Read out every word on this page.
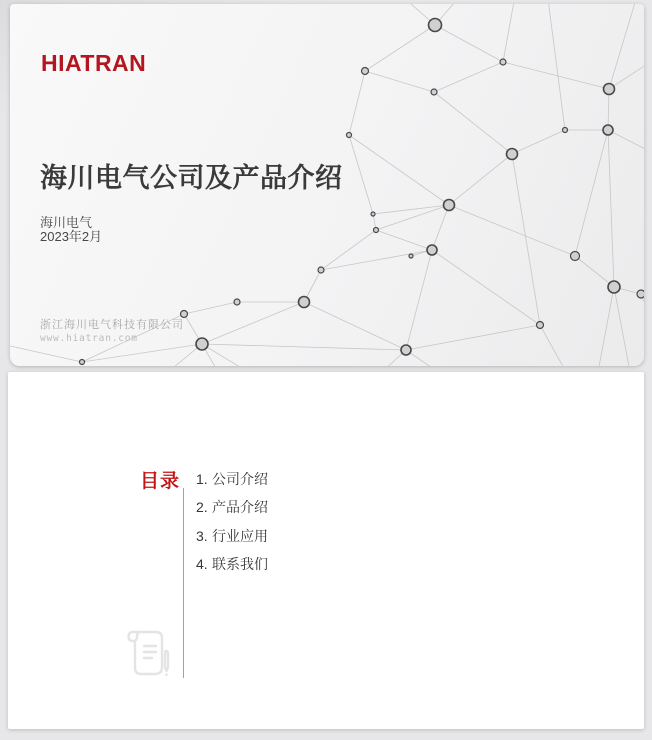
HIATRAN
海川电气公司及产品介绍
海川电气
2023年2月
浙江海川电气科技有限公司
www.hiatran.com
目录 1. 公司介绍
2. 产品介绍
3. 行业应用
4. 联系我们
